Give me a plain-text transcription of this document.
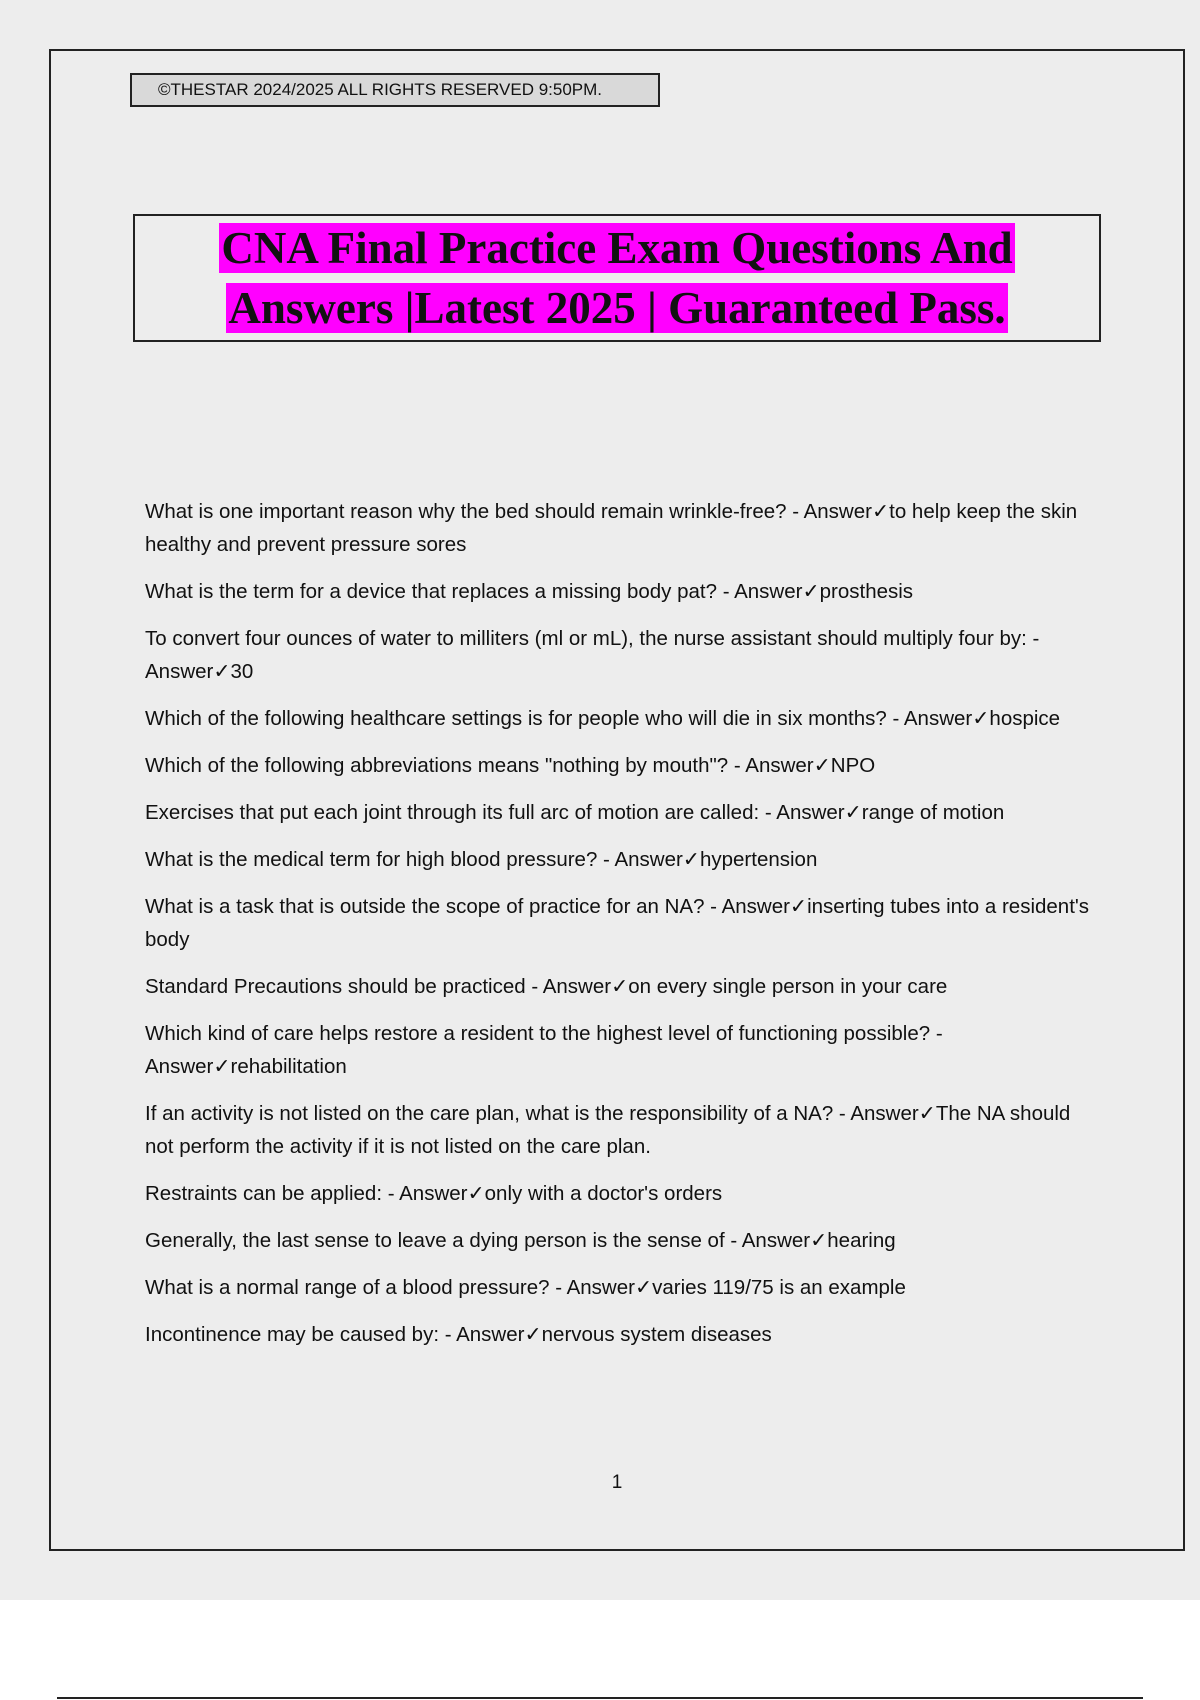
©THESTAR 2024/2025 ALL RIGHTS RESERVED 9:50PM.
CNA Final Practice Exam Questions And
Answers |Latest 2025 | Guaranteed Pass.
What is one important reason why the bed should remain wrinkle-free? - Answer✓to help keep the skin healthy and prevent pressure sores
What is the term for a device that replaces a missing body pat? - Answer✓prosthesis
To convert four ounces of water to milliters (ml or mL), the nurse assistant should multiply four by: - Answer✓30
Which of the following healthcare settings is for people who will die in six months? - Answer✓hospice
Which of the following abbreviations means "nothing by mouth"? - Answer✓NPO
Exercises that put each joint through its full arc of motion are called: - Answer✓range of motion
What is the medical term for high blood pressure? - Answer✓hypertension
What is a task that is outside the scope of practice for an NA? - Answer✓inserting tubes into a resident's body
Standard Precautions should be practiced - Answer✓on every single person in your care
Which kind of care helps restore a resident to the highest level of functioning possible? - Answer✓rehabilitation
If an activity is not listed on the care plan, what is the responsibility of a NA? - Answer✓The NA should not perform the activity if it is not listed on the care plan.
Restraints can be applied: - Answer✓only with a doctor's orders
Generally, the last sense to leave a dying person is the sense of - Answer✓hearing
What is a normal range of a blood pressure? - Answer✓varies 119/75 is an example
Incontinence may be caused by: - Answer✓nervous system diseases
1
